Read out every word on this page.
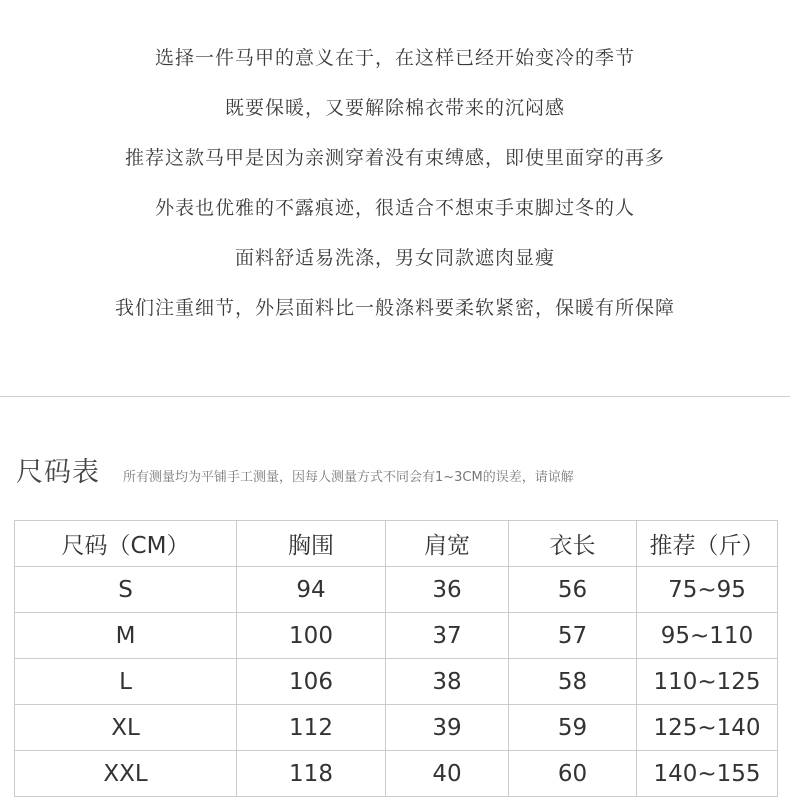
选择一件马甲的意义在于，在这样已经开始变冷的季节
既要保暖，又要解除棉衣带来的沉闷感
推荐这款马甲是因为亲测穿着没有束缚感，即使里面穿的再多
外表也优雅的不露痕迹，很适合不想束手束脚过冬的人
面料舒适易洗涤，男女同款遮肉显瘦
我们注重细节，外层面料比一般涤料要柔软紧密，保暖有所保障
尺码表 所有测量均为平铺手工测量，因每人测量方式不同会有1~3CM的误差，请谅解
尺码（CM）	胸围	肩宽	衣长	推荐（斤）
S	94	36	56	75~95
M	100	37	57	95~110
L	106	38	58	110~125
XL	112	39	59	125~140
XXL	118	40	60	140~155
